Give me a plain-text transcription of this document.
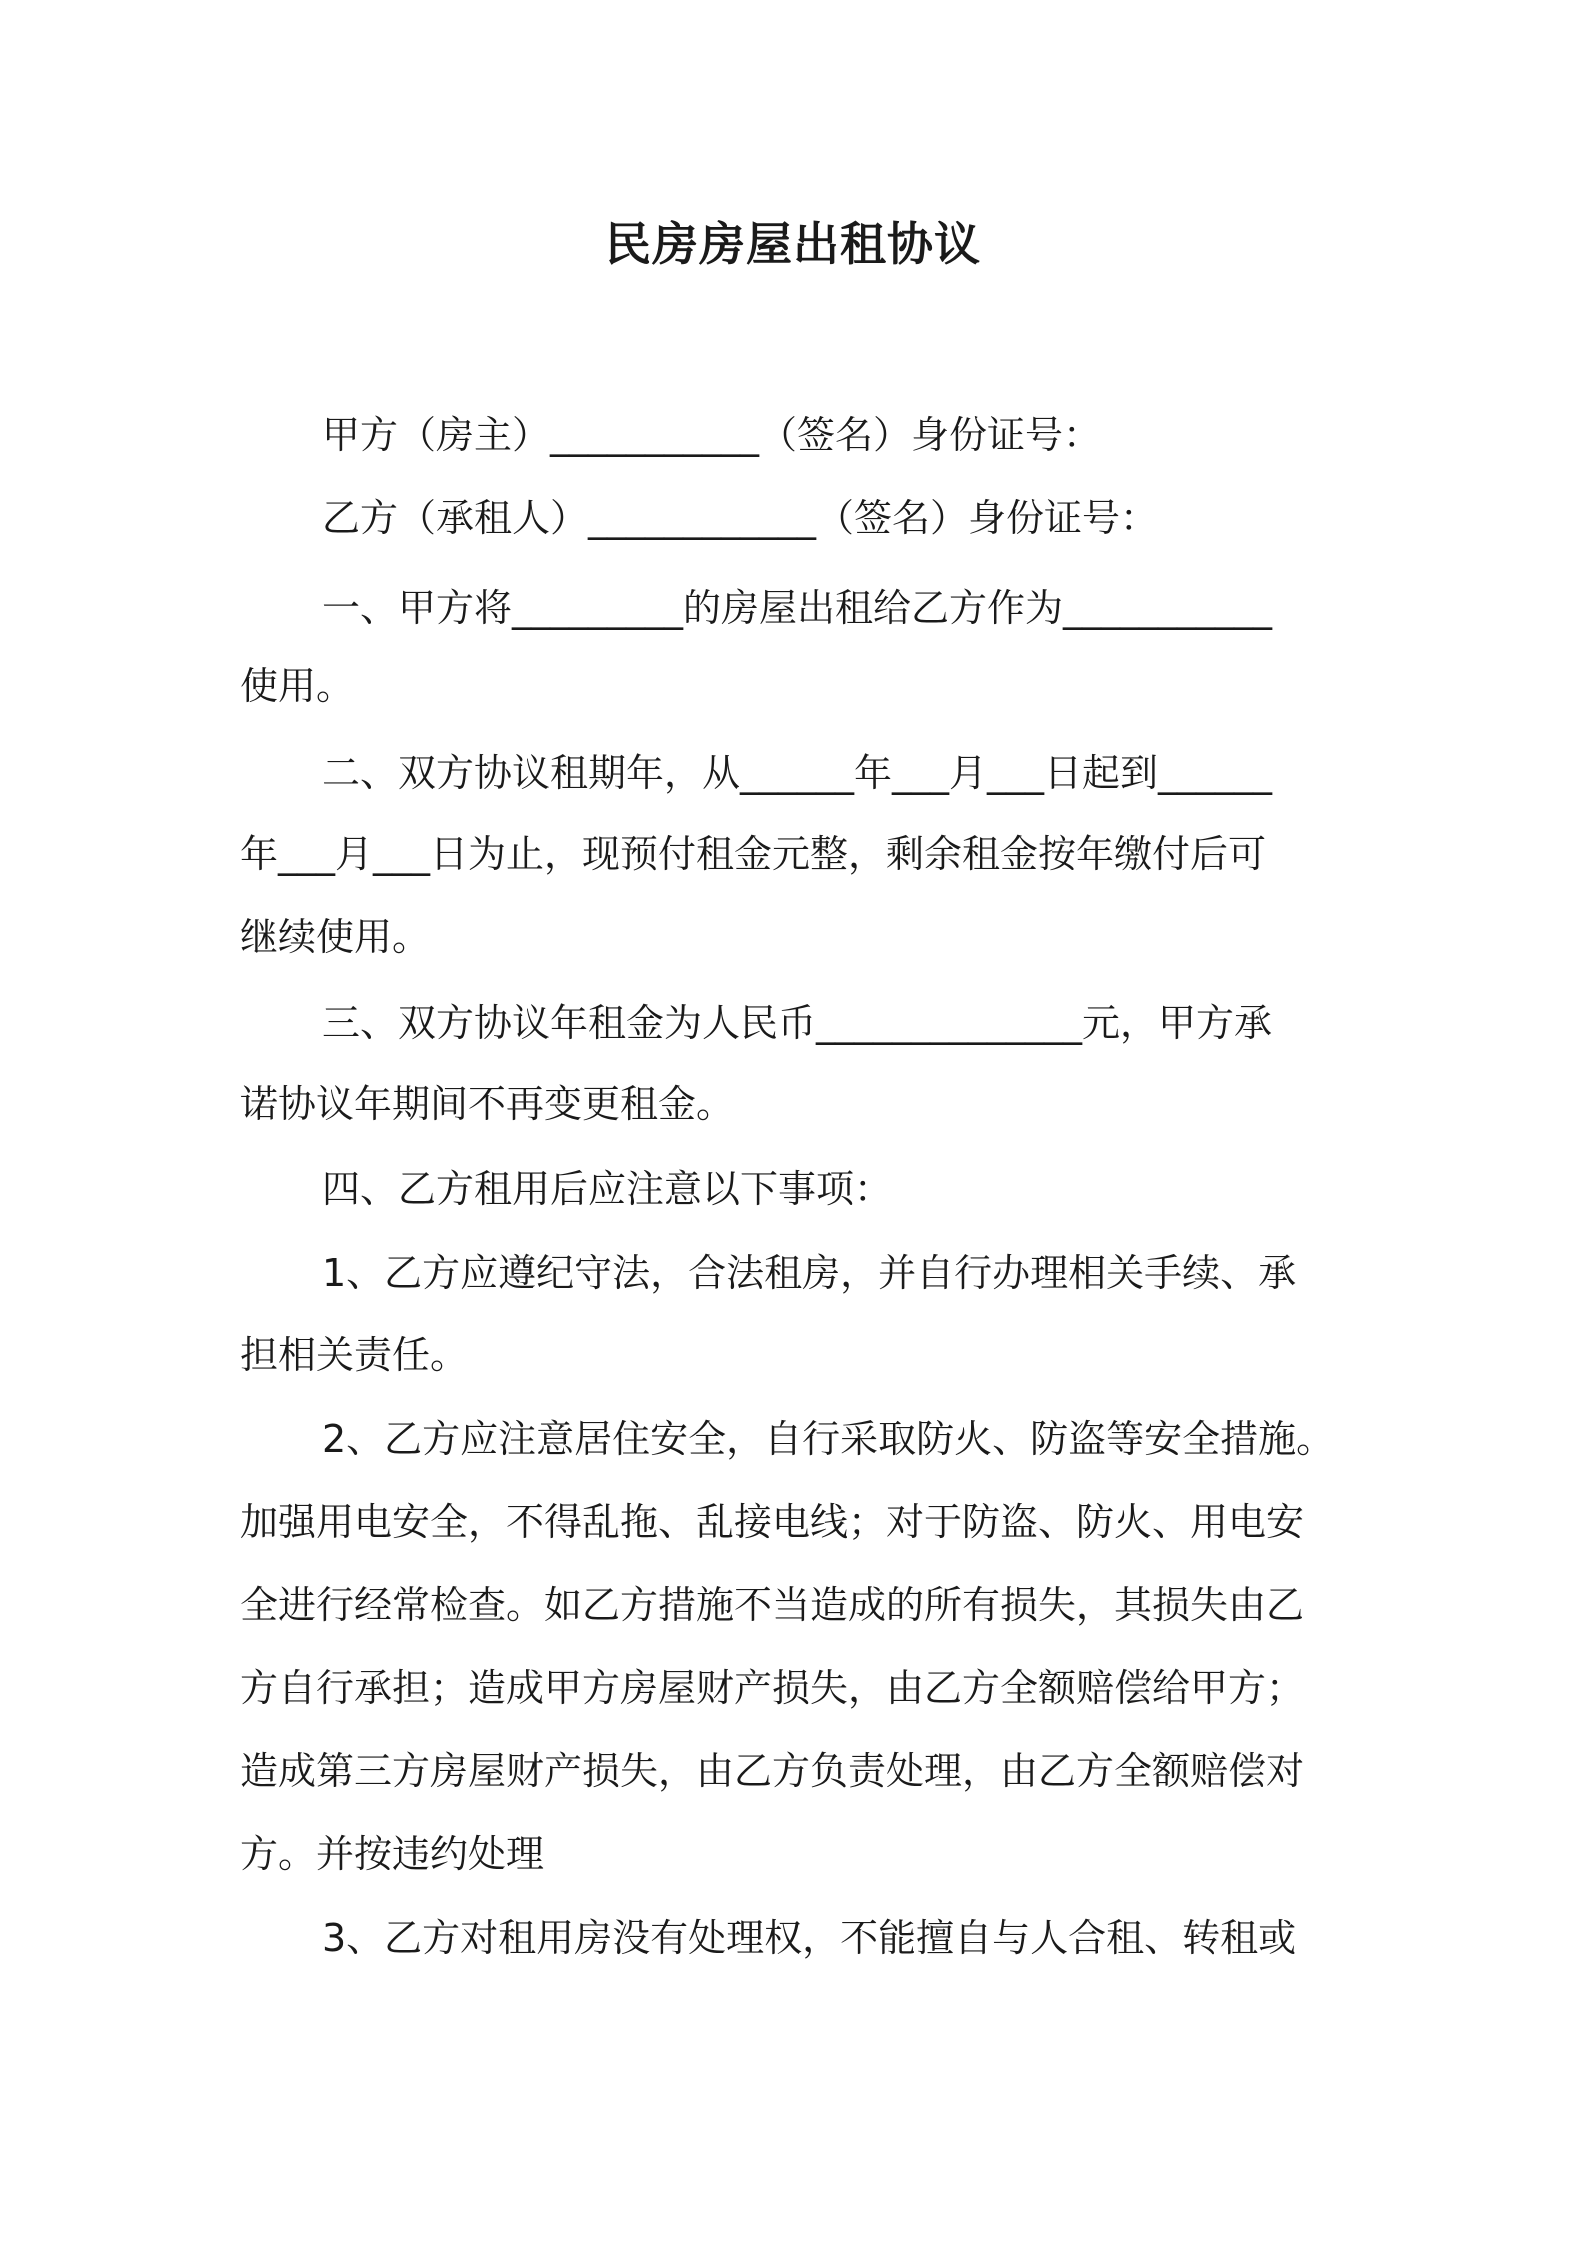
民房房屋出租协议
甲方（房主）___________（签名）身份证号：
乙方（承租人）____________（签名）身份证号：
一、甲方将_________的房屋出租给乙方作为___________
使用。
二、双方协议租期年，从______年___月___日起到______
年___月___日为止，现预付租金元整，剩余租金按年缴付后可
继续使用。
三、双方协议年租金为人民币______________元，甲方承
诺协议年期间不再变更租金。
四、乙方租用后应注意以下事项：
1、乙方应遵纪守法，合法租房，并自行办理相关手续、承
担相关责任。
2、乙方应注意居住安全，自行采取防火、防盗等安全措施。
加强用电安全，不得乱拖、乱接电线；对于防盗、防火、用电安
全进行经常检查。如乙方措施不当造成的所有损失，其损失由乙
方自行承担；造成甲方房屋财产损失，由乙方全额赔偿给甲方；
造成第三方房屋财产损失，由乙方负责处理，由乙方全额赔偿对
方。并按违约处理
3、乙方对租用房没有处理权，不能擅自与人合租、转租或
